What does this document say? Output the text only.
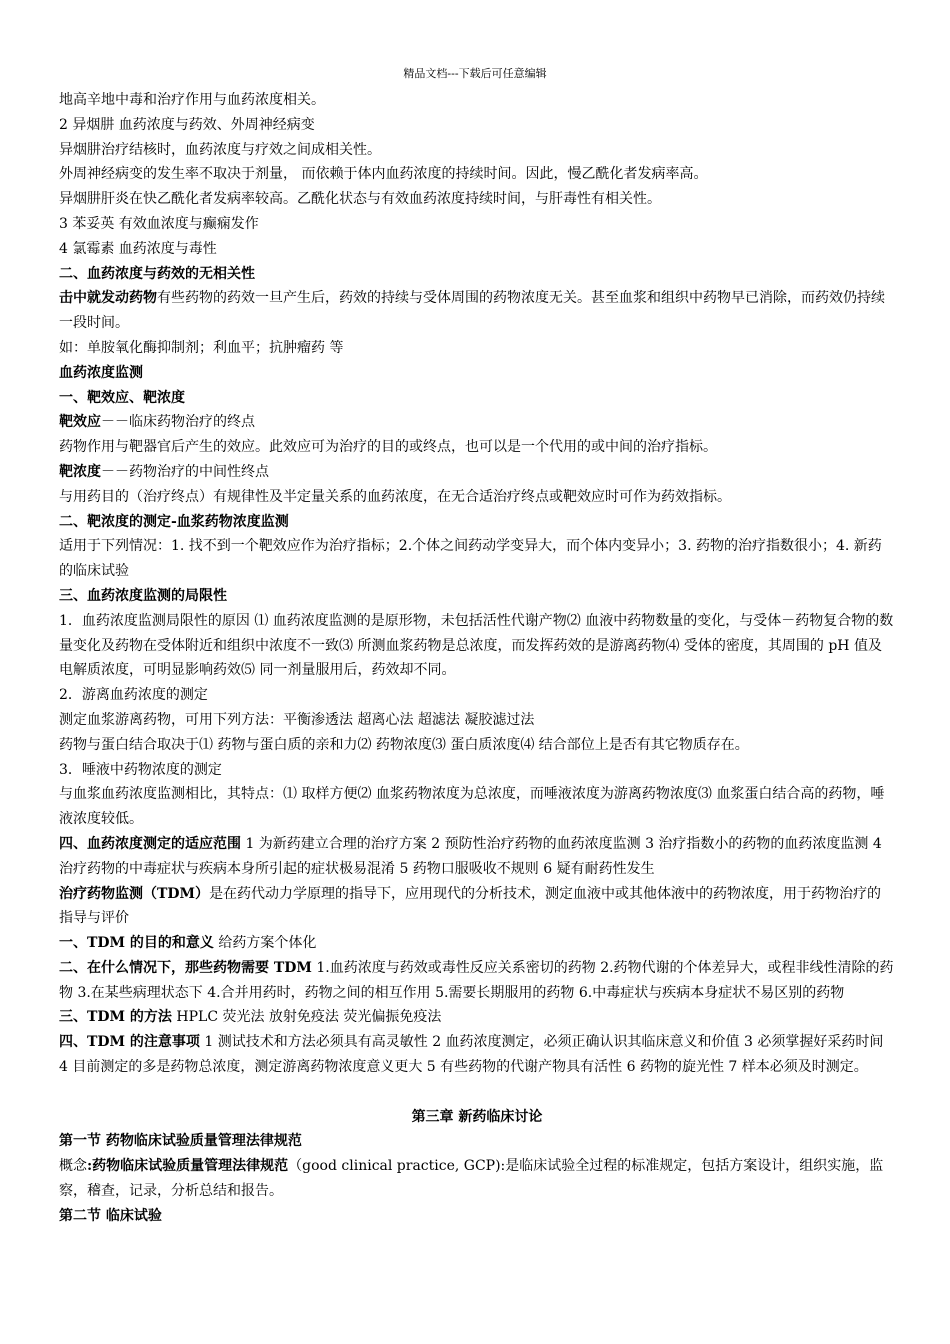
精品文档---下载后可任意编辑
地高辛地中毒和治疗作用与血药浓度相关。
2 异烟肼 血药浓度与药效、外周神经病变
异烟肼治疗结核时，血药浓度与疗效之间成相关性。
外周神经病变的发生率不取决于剂量， 而依赖于体内血药浓度的持续时间。因此，慢乙酰化者发病率高。
异烟肼肝炎在快乙酰化者发病率较高。乙酰化状态与有效血药浓度持续时间，与肝毒性有相关性。
3 苯妥英 有效血浓度与癫痫发作
4 氯霉素 血药浓度与毒性
二、血药浓度与药效的无相关性
击中就发动药物有些药物的药效一旦产生后，药效的持续与受体周围的药物浓度无关。甚至血浆和组织中药物早已消除，而药效仍持续一段时间。
如：单胺氧化酶抑制剂；利血平；抗肿瘤药 等
血药浓度监测
一、靶效应、靶浓度
靶效应－－临床药物治疗的终点
药物作用与靶器官后产生的效应。此效应可为治疗的目的或终点，也可以是一个代用的或中间的治疗指标。
靶浓度－－药物治疗的中间性终点
与用药目的（治疗终点）有规律性及半定量关系的血药浓度，在无合适治疗终点或靶效应时可作为药效指标。
二、靶浓度的测定-血浆药物浓度监测
适用于下列情况：1. 找不到一个靶效应作为治疗指标；2.个体之间药动学变异大，而个体内变异小；3. 药物的治疗指数很小；4. 新药的临床试验
三、血药浓度监测的局限性
1．血药浓度监测局限性的原因 ⑴ 血药浓度监测的是原形物，未包括活性代谢产物⑵ 血液中药物数量的变化，与受体－药物复合物的数量变化及药物在受体附近和组织中浓度不一致⑶ 所测血浆药物是总浓度，而发挥药效的是游离药物⑷ 受体的密度，其周围的 pH 值及电解质浓度，可明显影响药效⑸ 同一剂量服用后，药效却不同。
2．游离血药浓度的测定
测定血浆游离药物，可用下列方法：平衡渗透法 超离心法 超滤法 凝胶滤过法
药物与蛋白结合取决于⑴ 药物与蛋白质的亲和力⑵ 药物浓度⑶ 蛋白质浓度⑷ 结合部位上是否有其它物质存在。
3．唾液中药物浓度的测定
与血浆血药浓度监测相比，其特点：⑴ 取样方便⑵ 血浆药物浓度为总浓度，而唾液浓度为游离药物浓度⑶ 血浆蛋白结合高的药物，唾液浓度较低。
四、血药浓度测定的适应范围 1 为新药建立合理的治疗方案 2 预防性治疗药物的血药浓度监测 3 治疗指数小的药物的血药浓度监测 4 治疗药物的中毒症状与疾病本身所引起的症状极易混淆 5 药物口服吸收不规则 6 疑有耐药性发生
治疗药物监测（TDM）是在药代动力学原理的指导下，应用现代的分析技术，测定血液中或其他体液中的药物浓度，用于药物治疗的指导与评价
一、TDM 的目的和意义 给药方案个体化
二、在什么情况下，那些药物需要 TDM 1.血药浓度与药效或毒性反应关系密切的药物 2.药物代谢的个体差异大，或程非线性清除的药物 3.在某些病理状态下 4.合并用药时，药物之间的相互作用 5.需要长期服用的药物 6.中毒症状与疾病本身症状不易区别的药物
三、TDM 的方法 HPLC 荧光法 放射免疫法 荧光偏振免疫法
四、TDM 的注意事项 1 测试技术和方法必须具有高灵敏性 2 血药浓度测定，必须正确认识其临床意义和价值 3 必须掌握好采药时间 4 目前测定的多是药物总浓度，测定游离药物浓度意义更大 5 有些药物的代谢产物具有活性 6 药物的旋光性 7 样本必须及时测定。
第三章 新药临床讨论
第一节 药物临床试验质量管理法律规范
概念:药物临床试验质量管理法律规范（good clinical practice, GCP):是临床试验全过程的标准规定，包括方案设计，组织实施，监察，稽查，记录，分析总结和报告。
第二节 临床试验
